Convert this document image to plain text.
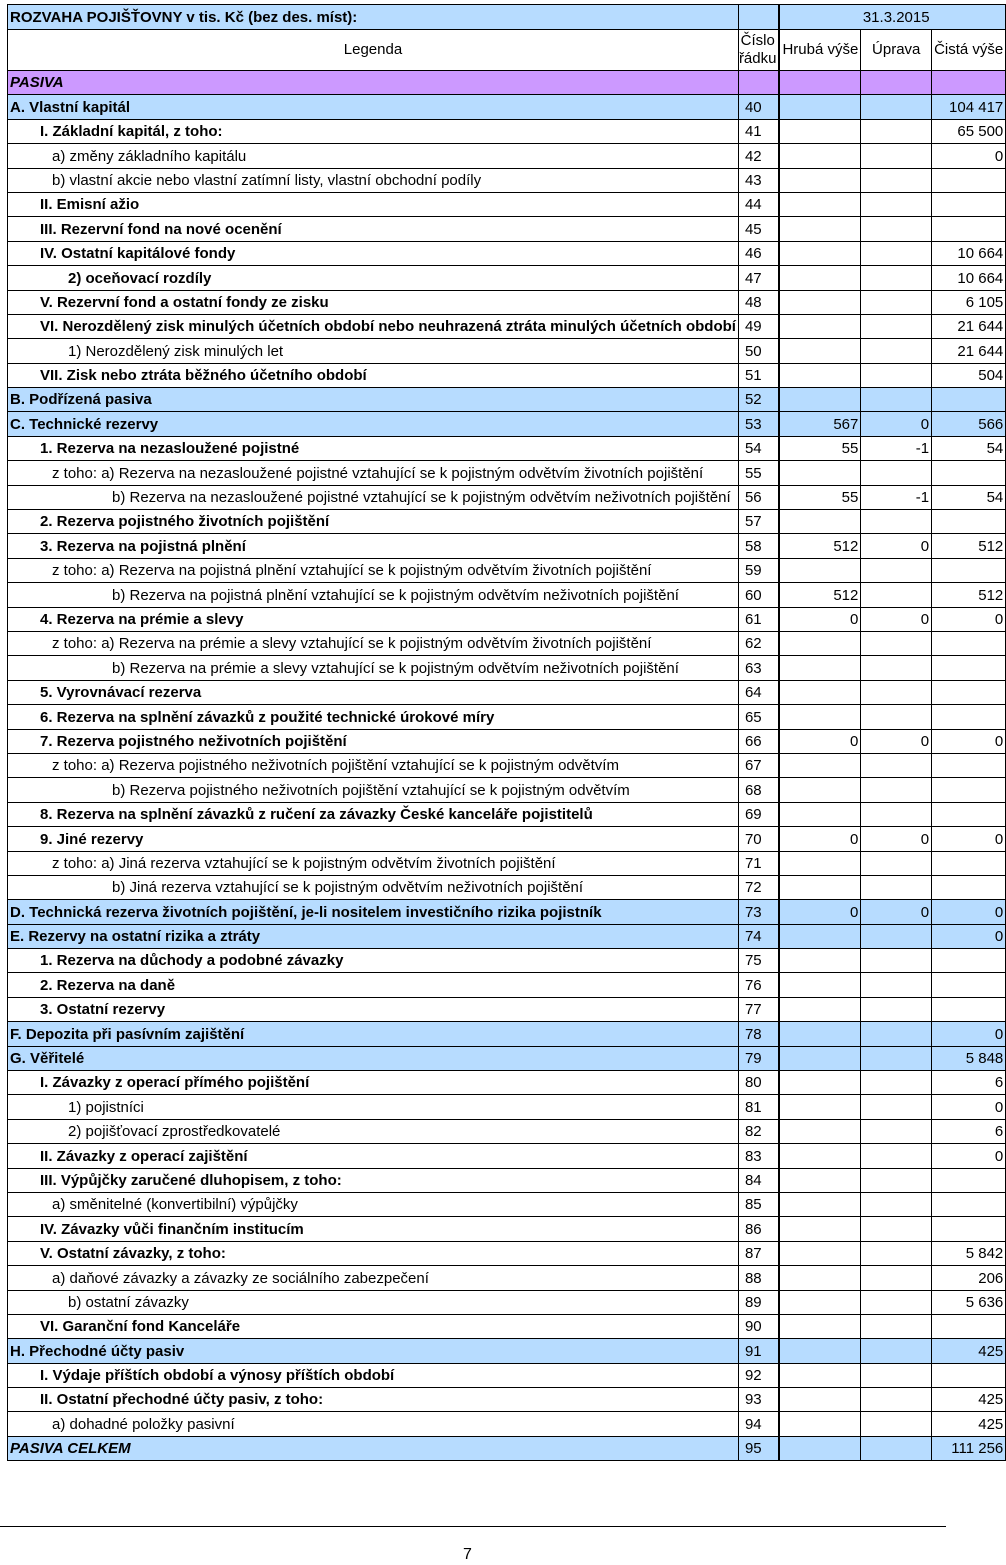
ROZVAHA POJIŠŤOVNY v tis. Kč (bez des. míst):				31.3.2015	
Legenda	Číslo řádku		Hrubá výše	Úprava	Čistá výše
PASIVA					
A. Vlastní kapitál	40				104 417
I. Základní kapitál, z toho:	41				65 500
a) změny základního kapitálu	42				0
b) vlastní akcie nebo vlastní zatímní listy, vlastní obchodní podíly	43				
II. Emisní ažio	44				
III. Rezervní fond na nové ocenění	45				
IV. Ostatní kapitálové fondy	46				10 664
2) oceňovací rozdíly	47				10 664
V. Rezervní fond a ostatní fondy ze zisku	48				6 105
VI. Nerozdělený zisk minulých účetních období nebo neuhrazená ztráta minulých účetních období	49				21 644
1) Nerozdělený zisk minulých let	50				21 644
VII. Zisk nebo ztráta běžného účetního období	51				504
B. Podřízená pasiva	52				
C. Technické rezervy	53		567	0	566
1. Rezerva na nezasloužené pojistné	54		55	-1	54
z toho: a) Rezerva na nezasloužené pojistné vztahující se k pojistným odvětvím životních pojištění	55				
b) Rezerva na nezasloužené pojistné vztahující se k pojistným odvětvím neživotních pojištění	56		55	-1	54
2. Rezerva pojistného životních pojištění	57				
3. Rezerva na pojistná plnění	58		512	0	512
z toho: a) Rezerva na pojistná plnění vztahující se k pojistným odvětvím životních pojištění	59				
b) Rezerva na pojistná plnění vztahující se k pojistným odvětvím neživotních pojištění	60		512		512
4. Rezerva na prémie a slevy	61		0	0	0
z toho: a) Rezerva na prémie a slevy vztahující se k pojistným odvětvím životních pojištění	62				
b) Rezerva na prémie a slevy vztahující se k pojistným odvětvím neživotních pojištění	63				
5. Vyrovnávací rezerva	64				
6. Rezerva na splnění závazků z použité technické úrokové míry	65				
7. Rezerva pojistného neživotních pojištění	66		0	0	0
z toho: a) Rezerva pojistného neživotních pojištění vztahující se k pojistným odvětvím	67				
b) Rezerva pojistného neživotních pojištění vztahující se k pojistným odvětvím	68				
8. Rezerva na splnění závazků z ručení za závazky České kanceláře pojistitelů	69				
9. Jiné rezervy	70		0	0	0
z toho: a) Jiná rezerva vztahující se k pojistným odvětvím životních pojištění	71				
b) Jiná rezerva vztahující se k pojistným odvětvím neživotních pojištění	72				
D. Technická rezerva životních pojištění, je-li nositelem investičního rizika pojistník	73		0	0	0
E. Rezervy na ostatní rizika a ztráty	74				0
1. Rezerva na důchody a podobné závazky	75				
2. Rezerva na daně	76				
3. Ostatní rezervy	77				
F. Depozita při pasívním zajištění	78				0
G. Věřitelé	79				5 848
I. Závazky z operací přímého pojištění	80				6
1) pojistníci	81				0
2) pojišťovací zprostředkovatelé	82				6
II. Závazky z operací zajištění	83				0
III. Výpůjčky zaručené dluhopisem, z toho:	84				
a) směnitelné (konvertibilní) výpůjčky	85				
IV. Závazky vůči finančním institucím	86				
V. Ostatní závazky, z toho:	87				5 842
a) daňové závazky a závazky ze sociálního zabezpečení	88				206
b) ostatní závazky	89				5 636
VI. Garanční fond Kanceláře	90				
H. Přechodné účty pasiv	91				425
I. Výdaje příštích období a výnosy příštích období	92				
II. Ostatní přechodné účty pasiv, z toho:	93				425
a) dohadné položky pasivní	94				425
PASIVA CELKEM	95				111 256
7
